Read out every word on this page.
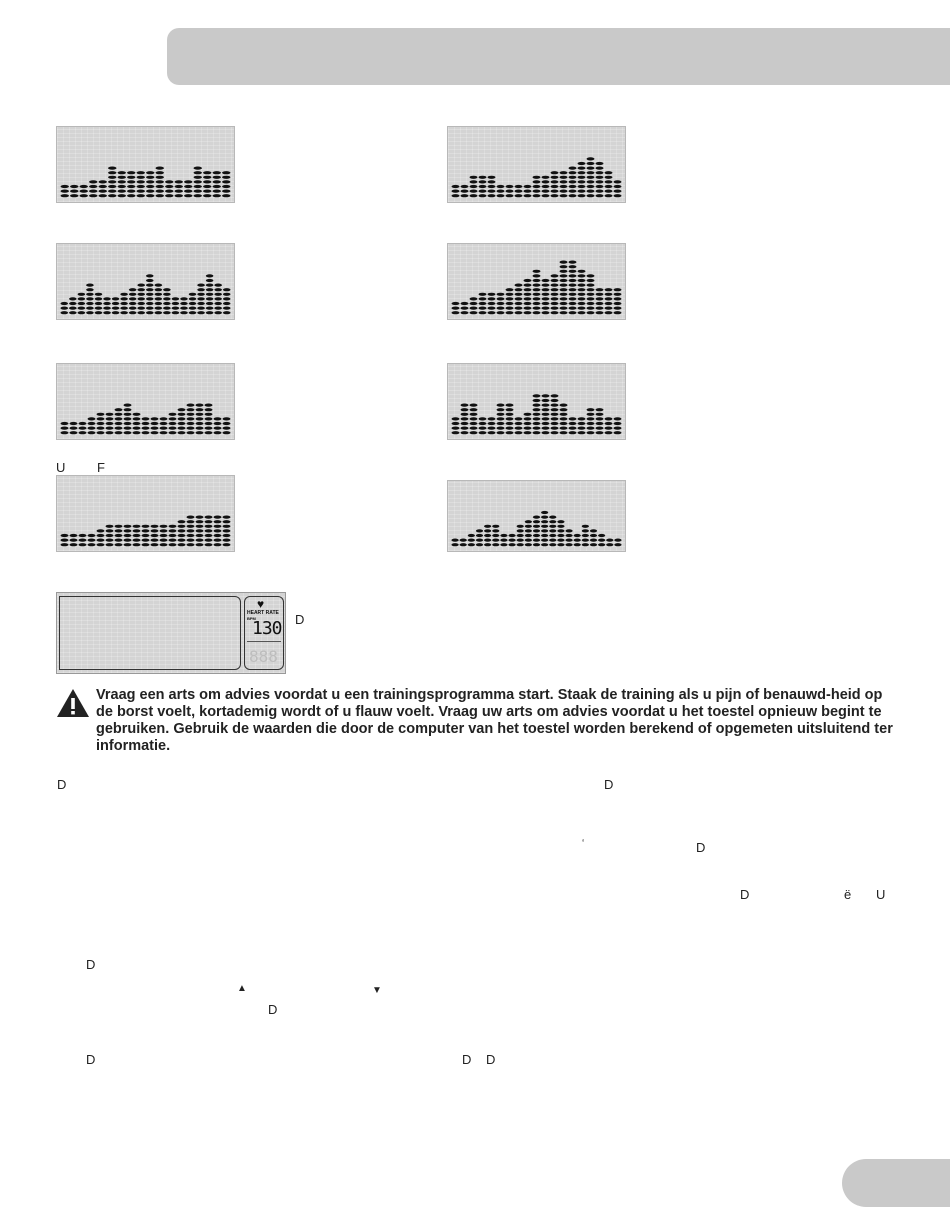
U F
♥
HEART RATE
BPM
130
888
D

Vraag een arts om advies voordat u een trainingsprogramma start. Staak de training als u pijn of benauwd-heid op de borst voelt, kortademig wordt of u flauw voelt. Vraag uw arts om advies voordat u het toestel opnieuw begint te gebruiken. Gebruik de waarden die door de computer van het toestel worden berekend of opgemeten uitsluitend ter informatie.

D	D
‘	D
D	ë U
D
▲	▼
D
D	D D
